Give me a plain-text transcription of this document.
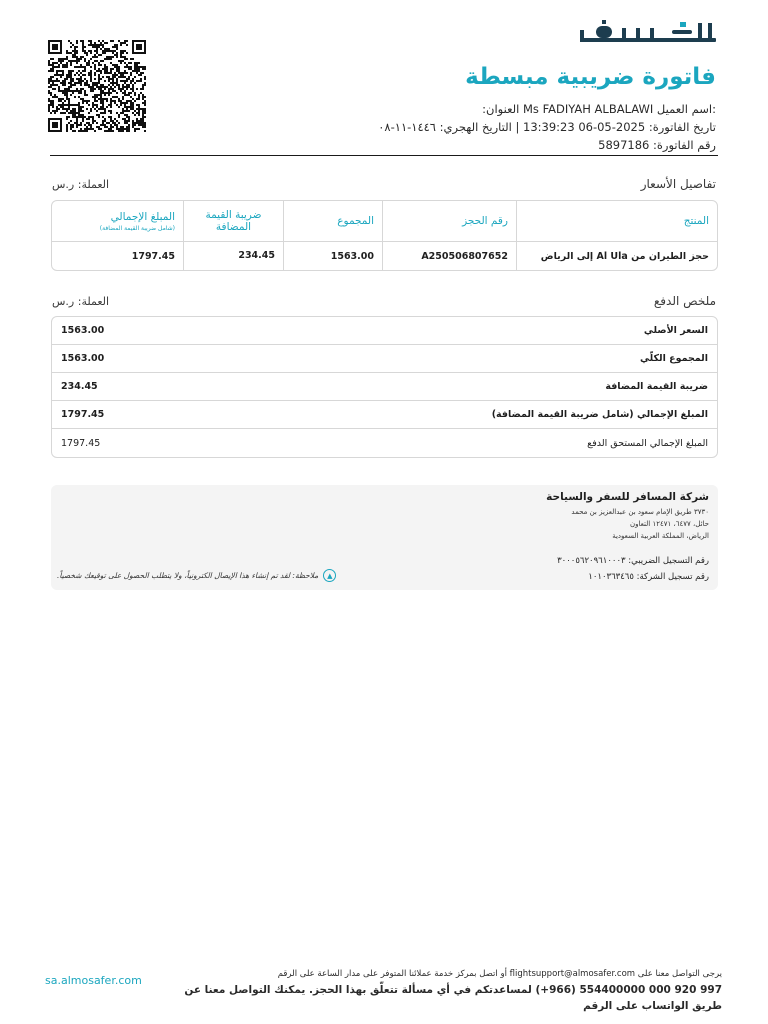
فاتورة ضريبية مبسطة
:اسم العميل Ms FADIYAH ALBALAWI العنوان:
تاريخ الفاتورة: 2025-05-06 13:39:23 | التاريخ الهجري: ١٤٤٦-١١-٠٨
رقم الفاتورة: 5897186
تفاصيل الأسعار
العملة: ر.س
المنتج
رقم الحجز
المجموع
ضريبة القيمة المضافة
المبلغ الإجمالي
(شامل ضريبة القيمة المضافة)
حجز الطيران من Al Ula إلى الرياض
A250506807652
1563.00
234.45
1797.45
ملخص الدفع
العملة: ر.س
السعر الأصلي
1563.00
المجموع الكلّي
1563.00
ضريبة القيمة المضافة
234.45
المبلغ الإجمالي (شامل ضريبة القيمة المضافة)
1797.45
المبلغ الإجمالي المستحق الدفع
1797.45
شركة المسافر للسفر والسياحة
٣٧٣٠ طريق الإمام سعود بن عبدالعزيز بن محمد
حائل، ٦٤٧٧، ١٢٤٧١ التعاون
الرياض، المملكة العربية السعودية
رقم التسجيل الضريبي: ٣٠٠٠٥٦٢٠٩٦١٠٠٠٣
رقم تسجيل الشركة: ١٠١٠٣٦٣٤٦٥
▲
ملاحظة: لقد تم إنشاء هذا الإيصال الكترونياً، ولا يتطلب الحصول على توقيعك شخصياً.
يرجى التواصل معنا على flightsupport@almosafer.com أو اتصل بمركز خدمة عملائنا المتوفر على مدار الساعة على الرقم
997 920 000 554400000 (966+) لمساعدتكم في أي مسألة تتعلّق بهذا الحجز. يمكنك التواصل معنا عن طريق الواتساب على الرقم
sa.almosafer.com
